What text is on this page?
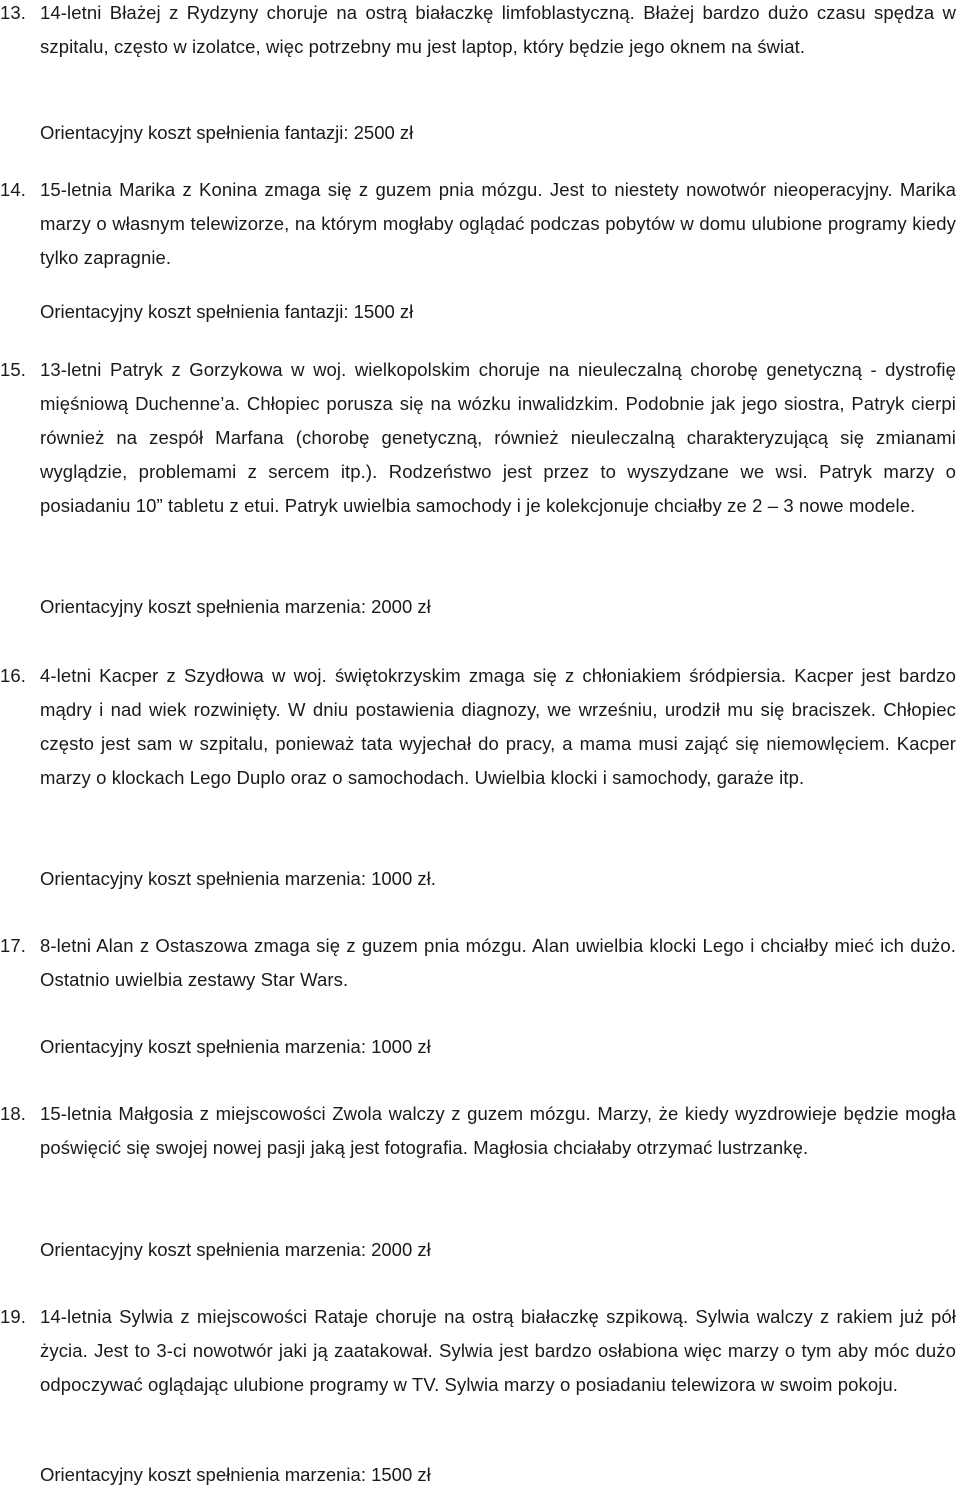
13. 14-letni Błażej z Rydzyny choruje na ostrą białaczkę limfoblastyczną. Błażej bardzo dużo czasu spędza w szpitalu, często w izolatce, więc potrzebny mu jest laptop, który będzie jego oknem na świat.

Orientacyjny koszt spełnienia fantazji: 2500 zł

14. 15-letnia Marika z Konina zmaga się z guzem pnia mózgu. Jest to niestety nowotwór nieoperacyjny. Marika marzy o własnym telewizorze, na którym mogłaby oglądać podczas pobytów w domu ulubione programy kiedy tylko zapragnie.

Orientacyjny koszt spełnienia fantazji: 1500 zł

15. 13-letni Patryk z Gorzykowa w woj. wielkopolskim choruje na nieuleczalną chorobę genetyczną - dystrofię mięśniową Duchenne’a. Chłopiec porusza się na wózku inwalidzkim. Podobnie jak jego siostra, Patryk cierpi również na zespół Marfana (chorobę genetyczną, również nieuleczalną charakteryzującą się zmianami wyglądzie, problemami z sercem itp.). Rodzeństwo jest przez to wyszydzane we wsi. Patryk marzy o posiadaniu 10” tabletu z etui. Patryk uwielbia samochody i je kolekcjonuje chciałby ze 2 – 3 nowe modele.

Orientacyjny koszt spełnienia marzenia: 2000 zł

16. 4-letni Kacper z Szydłowa w woj. świętokrzyskim zmaga się z chłoniakiem śródpiersia. Kacper jest bardzo mądry i nad wiek rozwinięty. W dniu postawienia diagnozy, we wrześniu, urodził mu się braciszek. Chłopiec często jest sam w szpitalu, ponieważ tata wyjechał do pracy, a mama musi zająć się niemowlęciem. Kacper marzy o klockach Lego Duplo oraz o samochodach. Uwielbia klocki i samochody, garaże itp.

Orientacyjny koszt spełnienia marzenia: 1000 zł.

17. 8-letni Alan z Ostaszowa zmaga się z guzem pnia mózgu. Alan uwielbia klocki Lego i chciałby mieć ich dużo. Ostatnio uwielbia zestawy Star Wars.

Orientacyjny koszt spełnienia marzenia: 1000 zł

18. 15-letnia Małgosia z miejscowości Zwola walczy z guzem mózgu. Marzy, że kiedy wyzdrowieje będzie mogła poświęcić się swojej nowej pasji jaką jest fotografia. Magłosia chciałaby otrzymać lustrzankę.

Orientacyjny koszt spełnienia marzenia: 2000 zł

19. 14-letnia Sylwia z miejscowości Rataje choruje na ostrą białaczkę szpikową. Sylwia walczy z rakiem już pół życia. Jest to 3-ci nowotwór jaki ją zaatakował. Sylwia jest bardzo osłabiona więc marzy o tym aby móc dużo odpoczywać oglądając ulubione programy w TV. Sylwia marzy o posiadaniu telewizora w swoim pokoju.

Orientacyjny koszt spełnienia marzenia: 1500 zł
